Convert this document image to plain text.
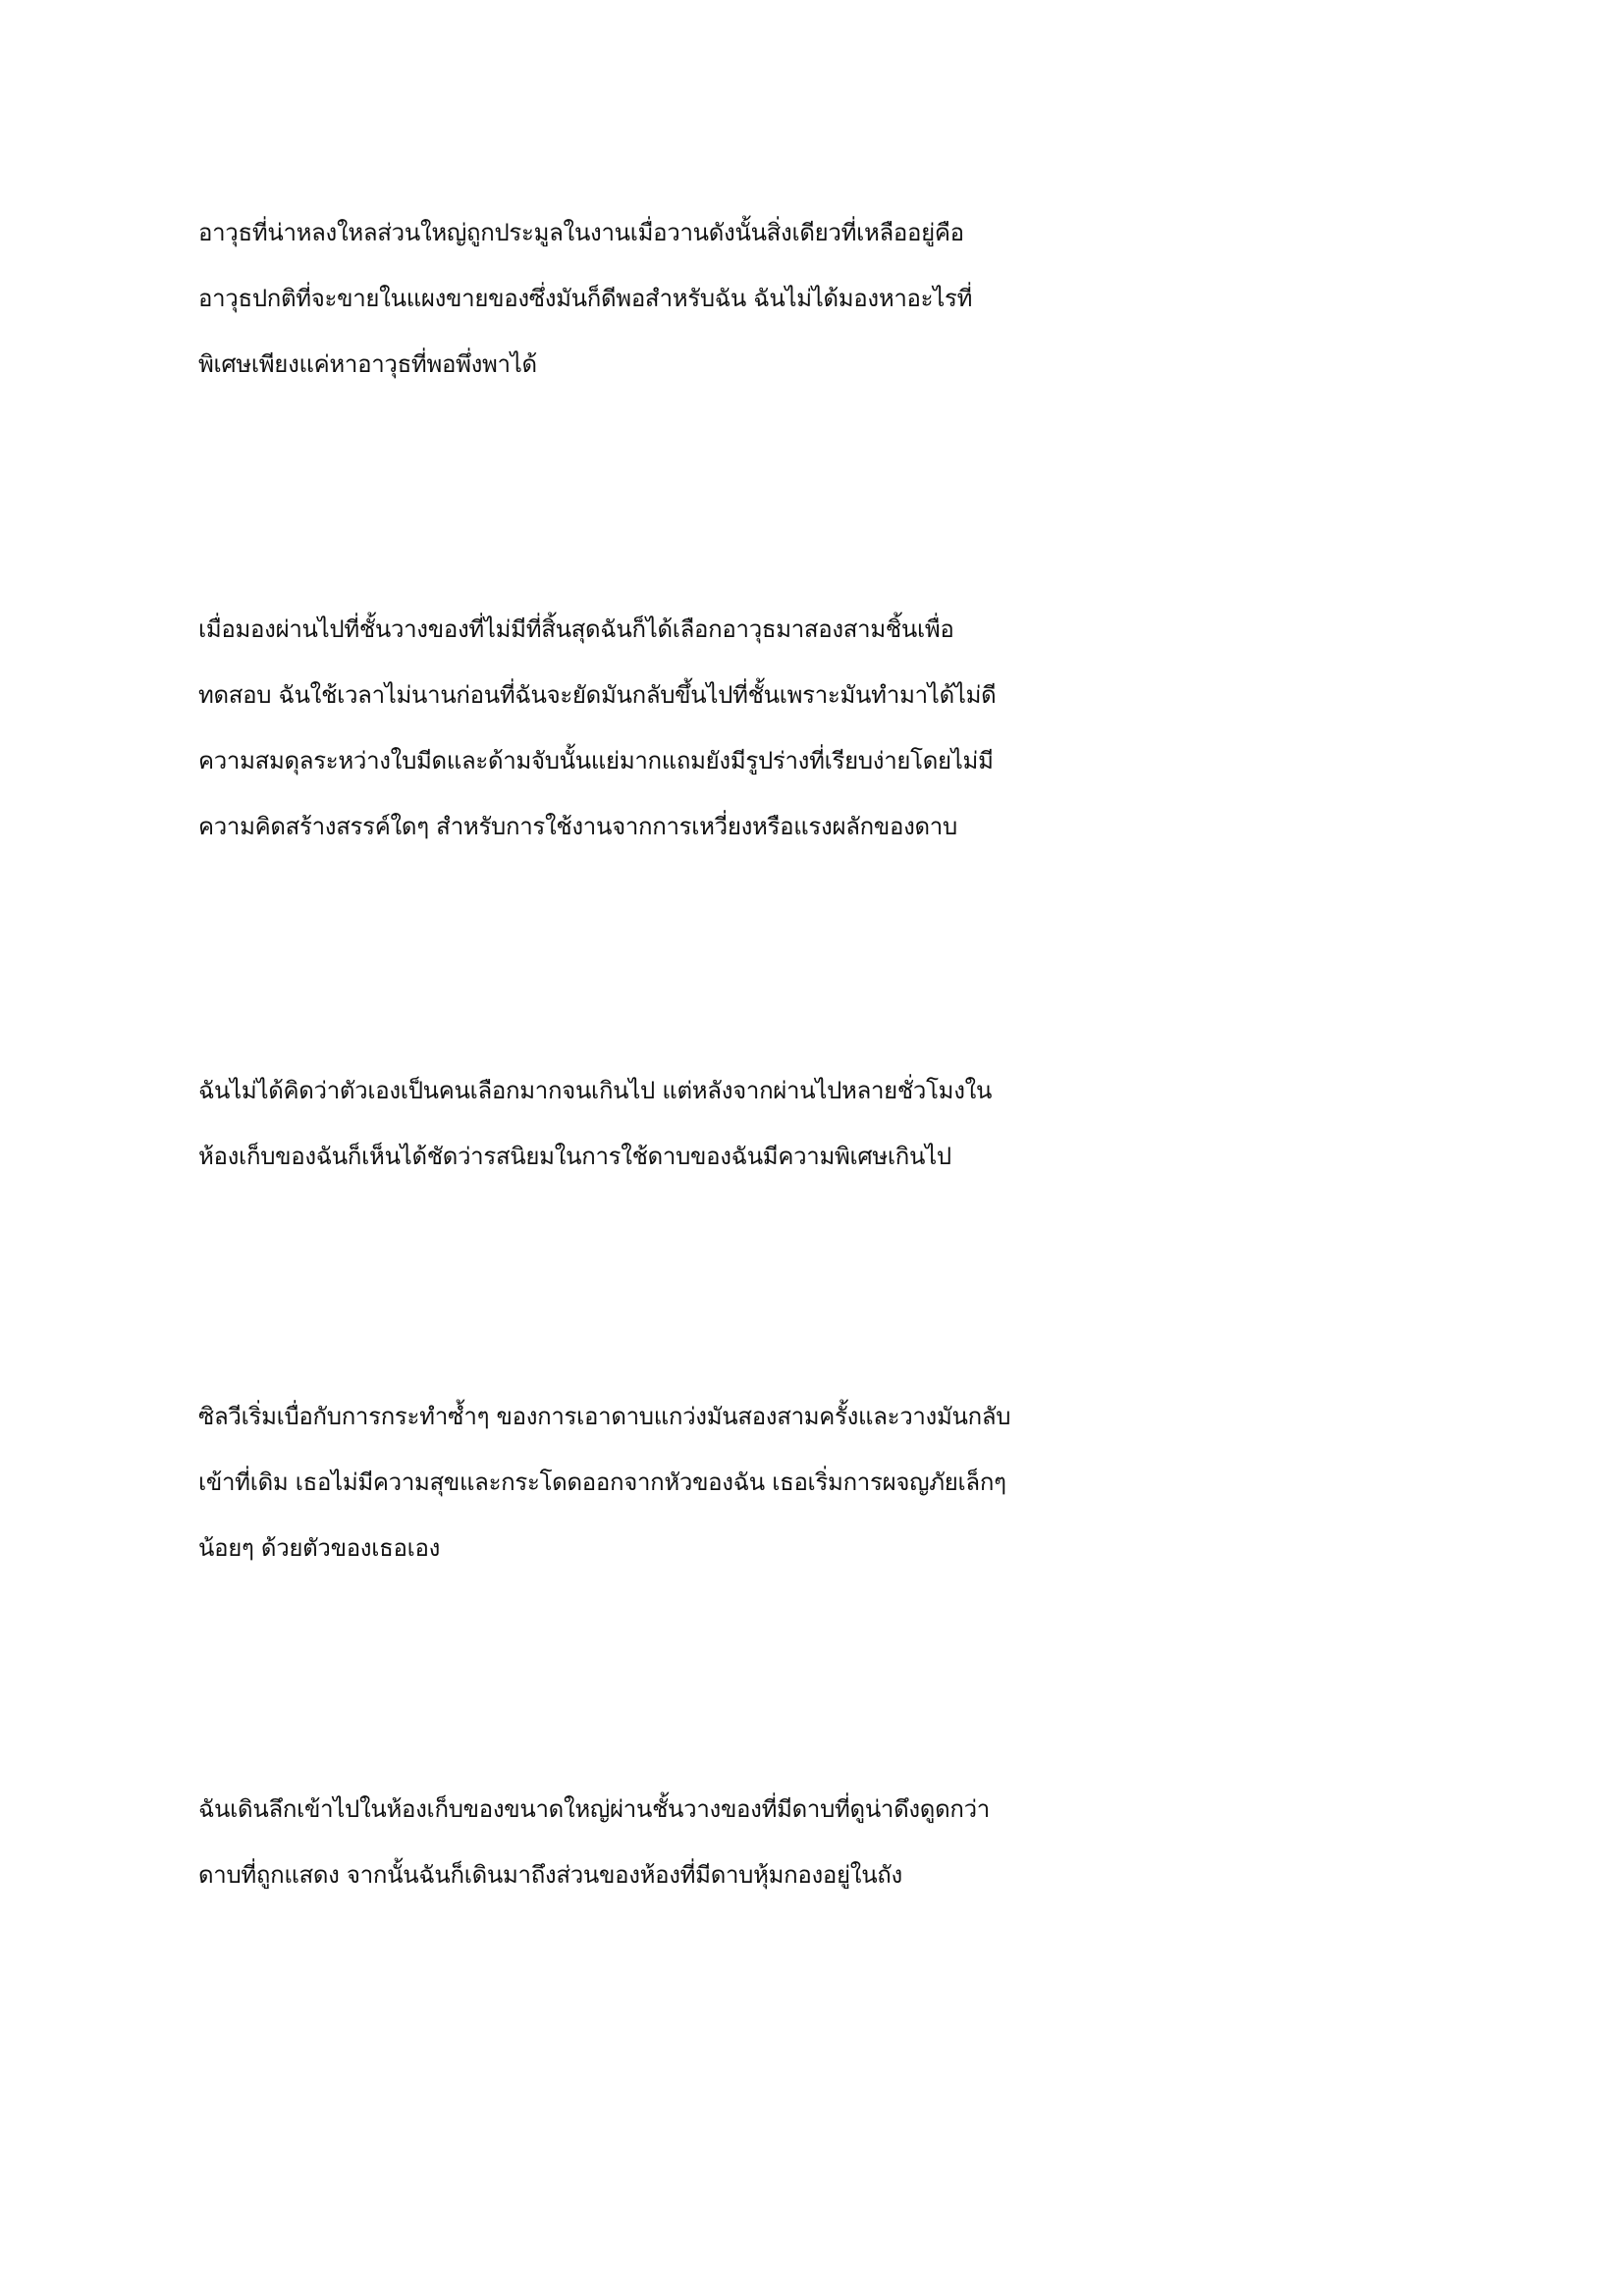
อาวุธที่น่าหลงใหลส่วนใหญ่ถูกประมูลในงานเมื่อวานดังนั้นสิ่งเดียวที่เหลืออยู่คือ
อาวุธปกติที่จะขายในแผงขายของซึ่งมันก็ดีพอสำหรับฉัน ฉันไม่ได้มองหาอะไรที่
พิเศษเพียงแค่หาอาวุธที่พอพึ่งพาได้
เมื่อมองผ่านไปที่ชั้นวางของที่ไม่มีที่สิ้นสุดฉันก็ได้เลือกอาวุธมาสองสามชิ้นเพื่อ
ทดสอบ ฉันใช้เวลาไม่นานก่อนที่ฉันจะยัดมันกลับขึ้นไปที่ชั้นเพราะมันทำมาได้ไม่ดี
ความสมดุลระหว่างใบมีดและด้ามจับนั้นแย่มากแถมยังมีรูปร่างที่เรียบง่ายโดยไม่มี
ความคิดสร้างสรรค์ใดๆ สำหรับการใช้งานจากการเหวี่ยงหรือแรงผลักของดาบ
ฉันไม่ได้คิดว่าตัวเองเป็นคนเลือกมากจนเกินไป แต่หลังจากผ่านไปหลายชั่วโมงใน
ห้องเก็บของฉันก็เห็นได้ชัดว่ารสนิยมในการใช้ดาบของฉันมีความพิเศษเกินไป
ซิลวีเริ่มเบื่อกับการกระทำซ้ำๆ ของการเอาดาบแกว่งมันสองสามครั้งและวางมันกลับ
เข้าที่เดิม เธอไม่มีความสุขและกระโดดออกจากหัวของฉัน เธอเริ่มการผจญภัยเล็กๆ
น้อยๆ ด้วยตัวของเธอเอง
ฉันเดินลึกเข้าไปในห้องเก็บของขนาดใหญ่ผ่านชั้นวางของที่มีดาบที่ดูน่าดึงดูดกว่า
ดาบที่ถูกแสดง จากนั้นฉันก็เดินมาถึงส่วนของห้องที่มีดาบหุ้มกองอยู่ในถัง
